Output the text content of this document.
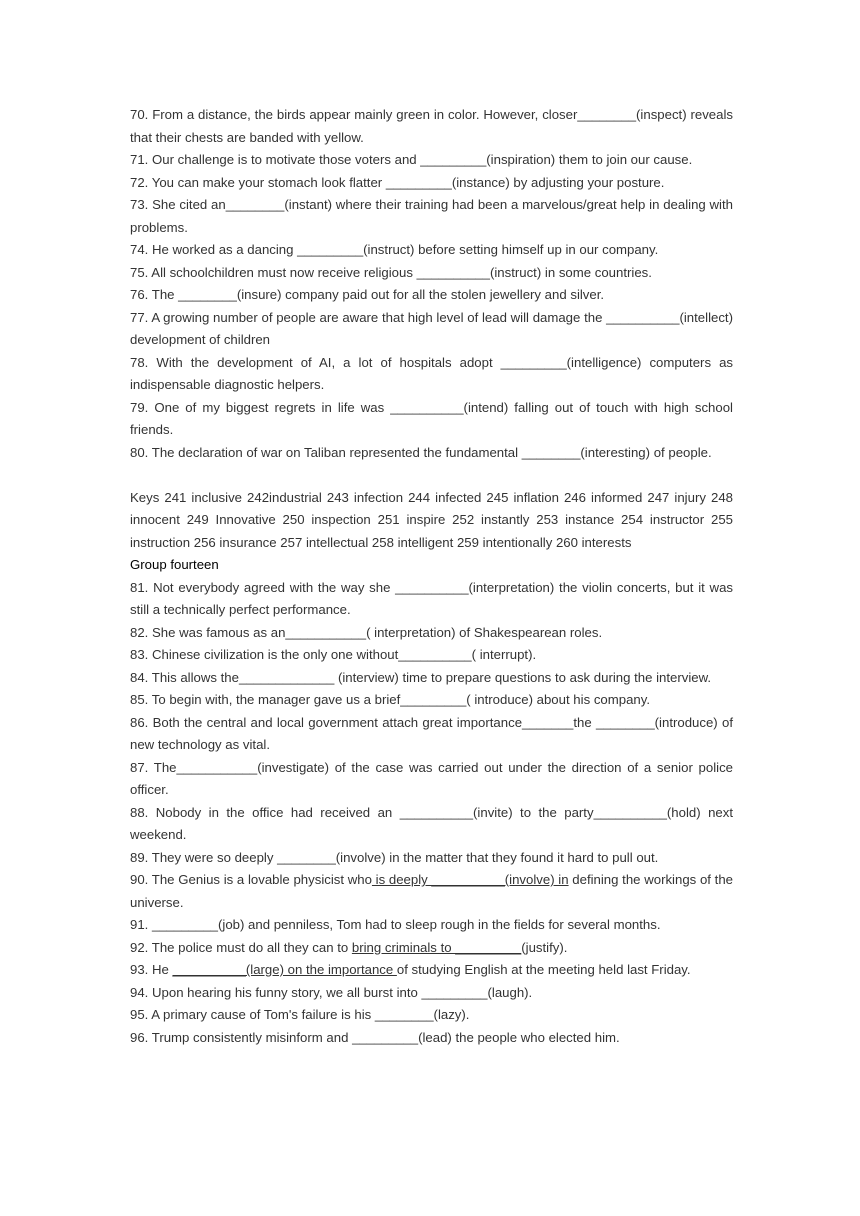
70. From a distance, the birds appear mainly green in color. However, closer________(inspect) reveals that their chests are banded with yellow.

71. Our challenge is to motivate those voters and _________(inspiration) them to join our cause.

72. You can make your stomach look flatter _________(instance) by adjusting your posture.

73. She cited an________(instant) where their training had been a marvelous/great help in dealing with problems.

74. He worked as a dancing _________(instruct) before setting himself up in our company.

75. All schoolchildren must now receive religious __________(instruct) in some countries.

76. The ________(insure) company paid out for all the stolen jewellery and silver.

77. A growing number of people are aware that high level of lead will damage the __________(intellect) development of children

78. With the development of AI, a lot of hospitals adopt _________(intelligence) computers as indispensable diagnostic helpers.

79. One of my biggest regrets in life was __________(intend) falling out of touch with high school friends.

80. The declaration of war on Taliban represented the fundamental ________(interesting) of people.

Keys 241 inclusive 242industrial 243 infection 244 infected 245 inflation 246 informed 247 injury 248 innocent 249 Innovative 250 inspection 251 inspire 252 instantly 253 instance 254 instructor 255 instruction 256 insurance 257 intellectual 258 intelligent 259 intentionally 260 interests

Group fourteen

81. Not everybody agreed with the way she __________(interpretation) the violin concerts, but it was still a technically perfect performance.

82. She was famous as an___________( interpretation) of Shakespearean roles.

83. Chinese civilization is the only one without__________( interrupt).

84. This allows the_____________ (interview) time to prepare questions to ask during the interview.

85. To begin with, the manager gave us a brief_________( introduce) about his company.

86. Both the central and local government attach great importance_______the ________(introduce) of new technology as vital.

87. The___________(investigate) of the case was carried out under the direction of a senior police officer.

88. Nobody in the office had received an __________(invite) to the party__________(hold) next weekend.

89. They were so deeply ________(involve) in the matter that they found it hard to pull out.

90. The Genius is a lovable physicist who is deeply __________(involve) in defining the workings of the universe.

91. _________(job) and penniless, Tom had to sleep rough in the fields for several months.

92. The police must do all they can to bring criminals to _________(justify).

93. He __________(large) on the importance of studying English at the meeting held last Friday.

94. Upon hearing his funny story, we all burst into _________(laugh).

95. A primary cause of Tom's failure is his ________(lazy).

96. Trump consistently misinform and _________(lead) the people who elected him.
